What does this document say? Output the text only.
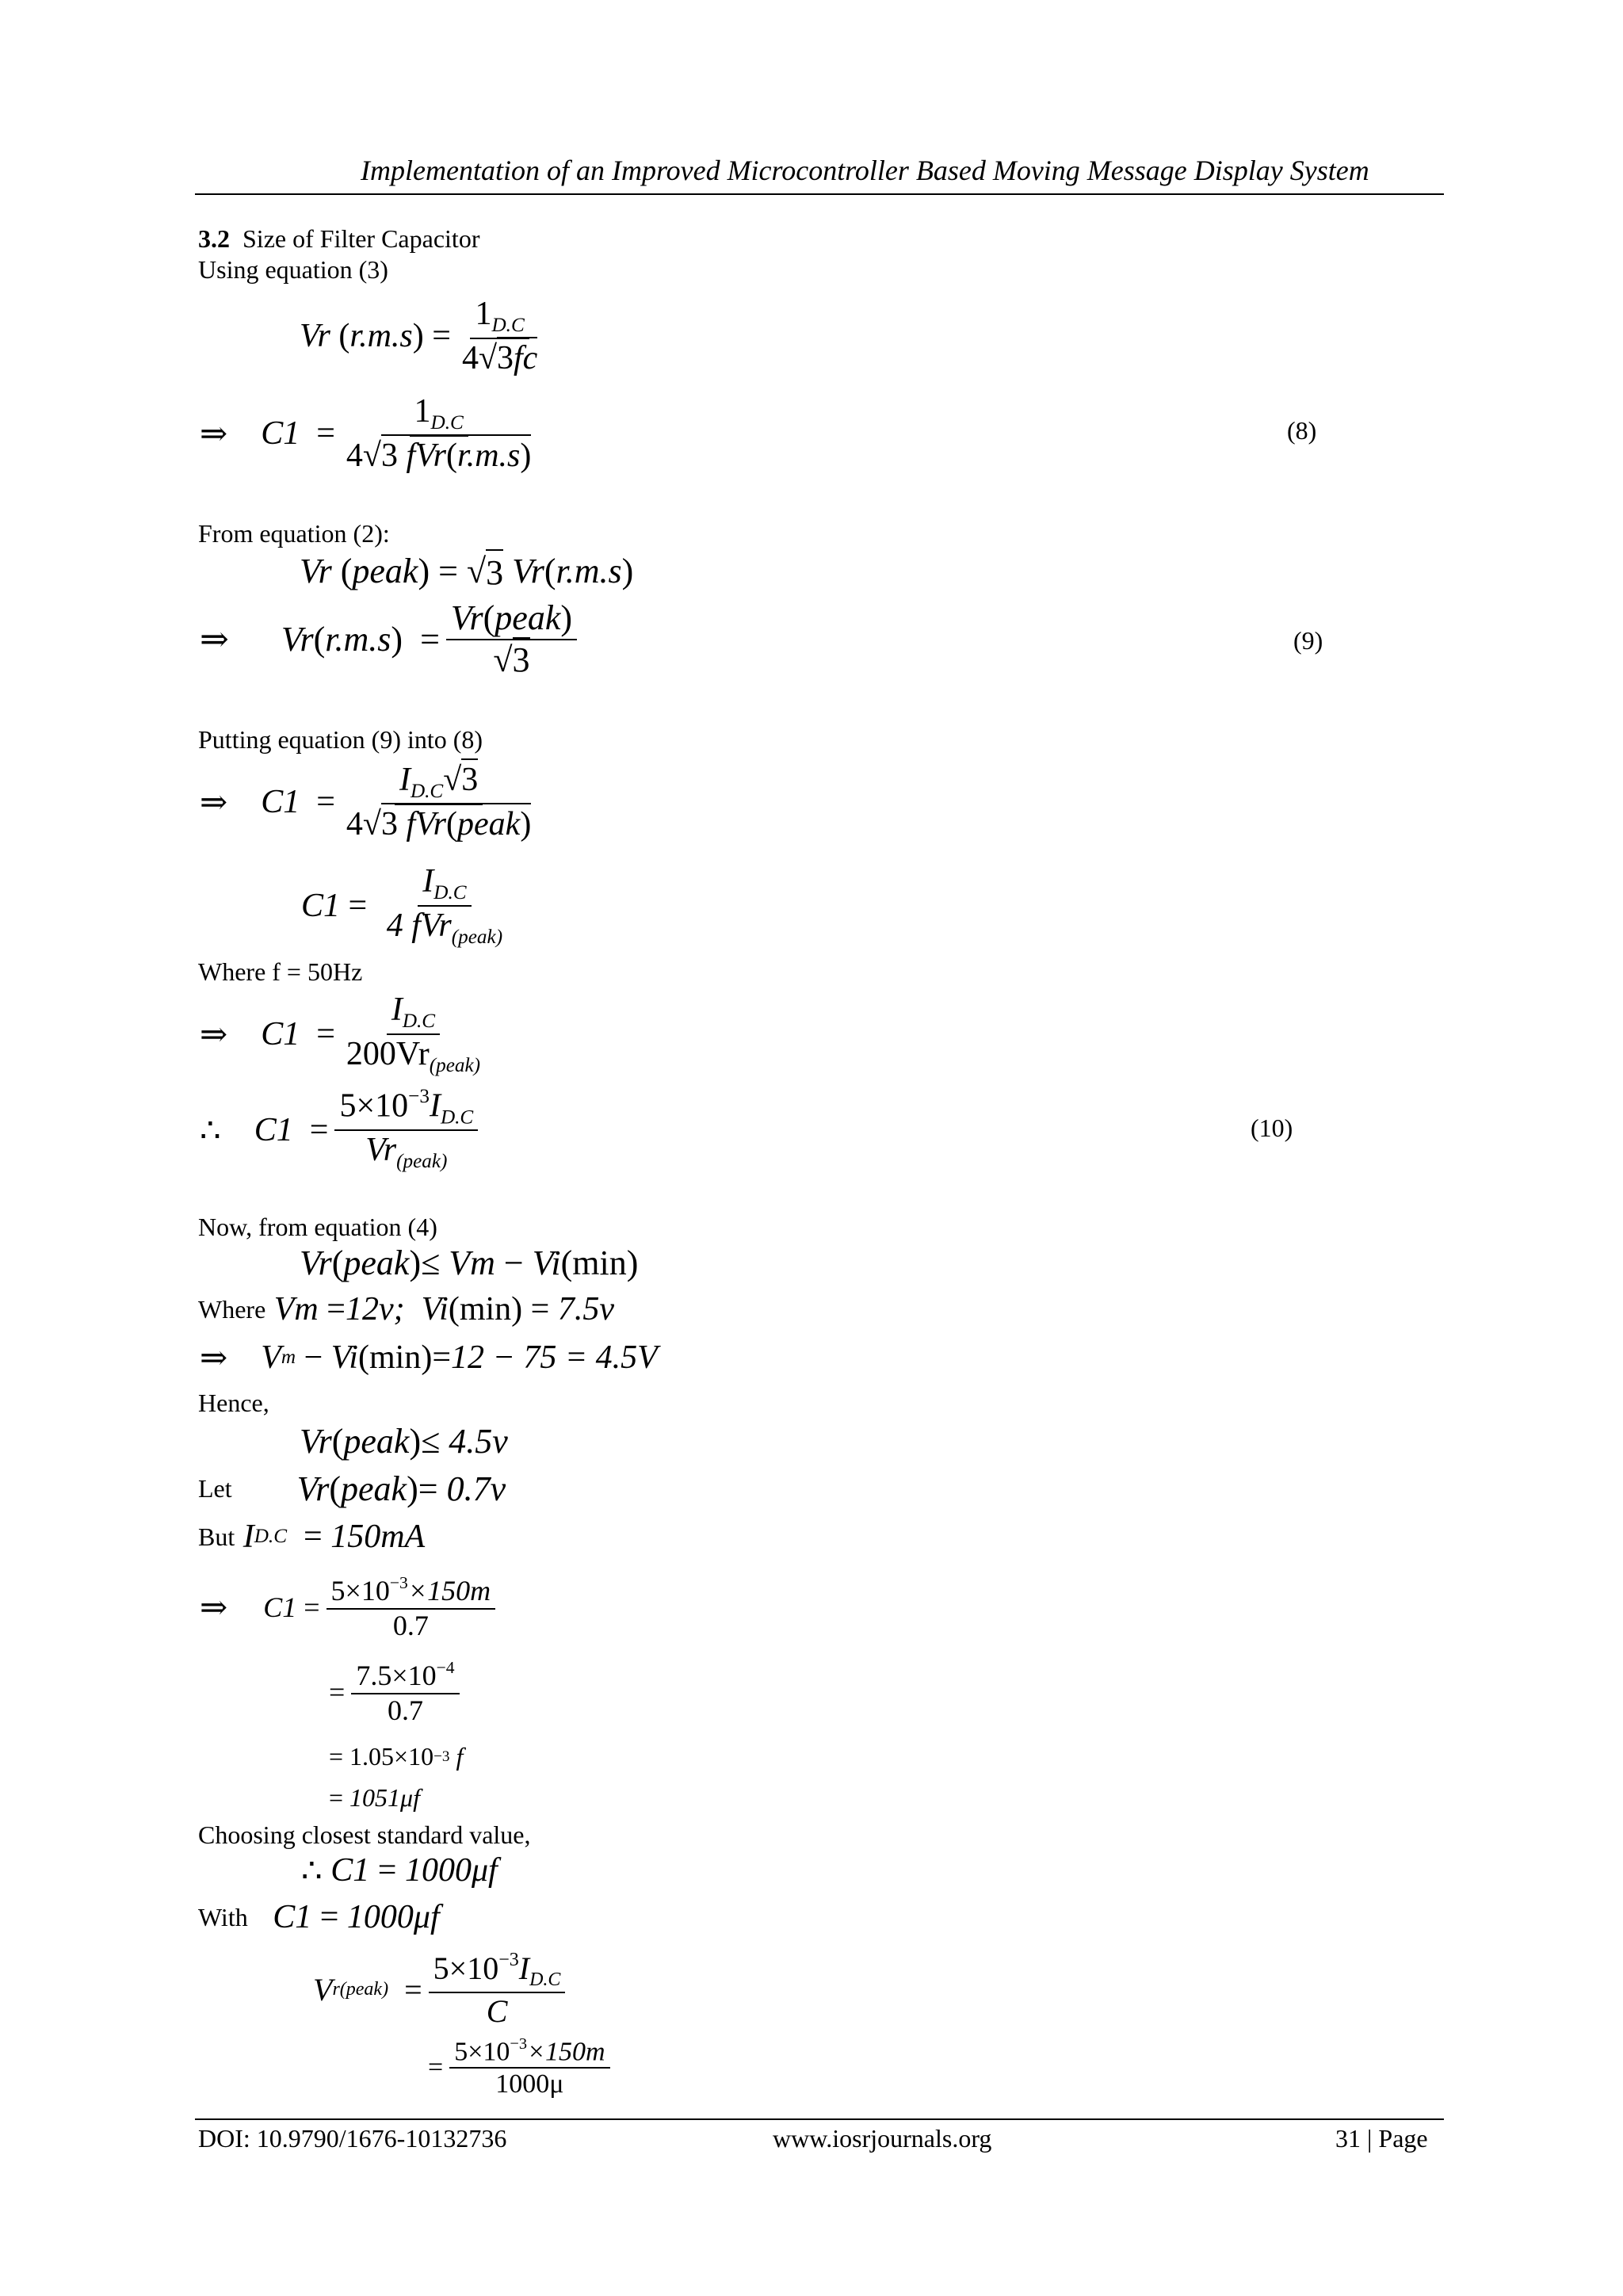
Implementation of an Improved Microcontroller Based Moving Message Display System
3.2 Size of Filter Capacitor
Using equation (3)
Vr
( r.m.s )
= $\frac{1_{D.C}}{4√3fc}$
⇒
C1
= $\frac{1_{D.C}}{\text{4√3 fVr(r.m.s)}}$	(8)
From equation (2):
Vr
( peak )
=
√ 3
Vr ( r.m.s )
⇒
Vr ( r.m.s )
= $\frac{\text{Vr(peak)}}{√3}$	(9)
Putting equation (9) into (8)
⇒
C1
= $\frac{I_{D.C}√3}{\text{4√3 fVr(peak)}}$
C1
=
$\frac{I_{D.C}}{4 fVr_{(peak)}}$
Where f = 50Hz
⇒
C1
= $\frac{I_{D.C}}{200Vr_{(peak)}}$
∴
C1
= $\frac{5\times 10^{-3}I_{D.C}}{Vr_{(peak)}}$	(10)
Now, from equation (4)
Vr ( peak ) ≤
Vm
−
Vi ( min )
Where
Vm
= 12v;
Vi ( min )
=
7.5v
⇒
V m
−
Vi ( min ) = 12 − 75 = 4.5V
Hence,
Vr ( peak ) ≤
4.5v
Let Vr ( peak ) =
0.7v
But
I D.C
=
150mA
⇒
C1
= $\frac{5\times 10^{-3}\times 150m}{0.7}$
= $\frac{7.5\times 10^{-4}}{0.7}$
=
1.05×10 −3
f
=
1051μf
Choosing closest standard value,
∴
C1
=
1000μf
With
C1
=
1000μf
V r(peak)
= $\frac{5\times 10^{-3}I_{D.C}}{C}$
= $\frac{5\times 10^{-3}\times 150m}{1000\mu}$
DOI: 10.9790/1676-10132736	www.iosrjournals.org	31 | Page
